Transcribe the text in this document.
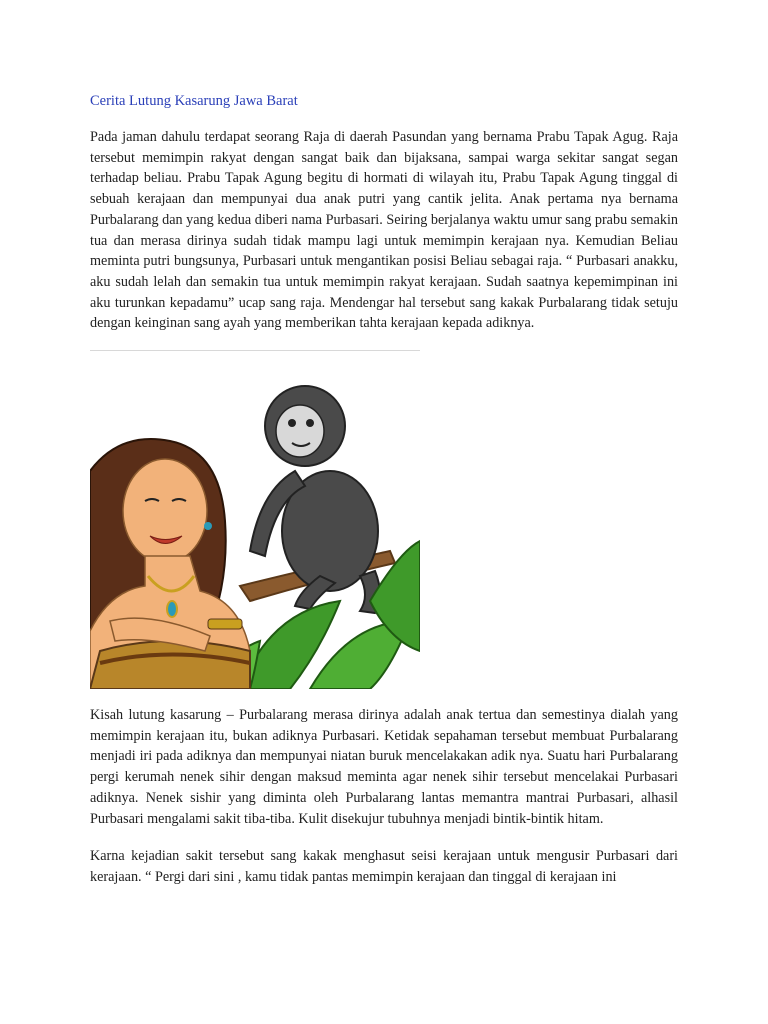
Cerita Lutung Kasarung Jawa Barat

Pada jaman dahulu terdapat seorang Raja di daerah Pasundan yang bernama Prabu Tapak Agug. Raja tersebut memimpin rakyat dengan sangat baik dan bijaksana, sampai warga sekitar sangat segan terhadap beliau. Prabu Tapak Agung begitu di hormati di wilayah itu, Prabu Tapak Agung tinggal di sebuah kerajaan dan mempunyai dua anak putri yang cantik jelita. Anak pertama nya bernama Purbalarang dan yang kedua diberi nama Purbasari. Seiring berjalanya waktu umur sang prabu semakin tua dan merasa dirinya sudah tidak mampu lagi untuk memimpin kerajaan nya. Kemudian Beliau meminta putri bungsunya, Purbasari untuk mengantikan posisi Beliau sebagai raja. “ Purbasari anakku, aku sudah lelah dan semakin tua untuk memimpin rakyat kerajaan. Sudah saatnya kepemimpinan ini aku turunkan kepadamu” ucap sang raja. Mendengar hal tersebut sang kakak Purbalarang tidak setuju dengan keinginan sang ayah yang memberikan tahta kerajaan kepada adiknya.

Kisah lutung kasarung – Purbalarang merasa dirinya adalah anak tertua dan semestinya dialah yang memimpin kerajaan itu, bukan adiknya Purbasari. Ketidak sepahaman tersebut membuat Purbalarang menjadi iri pada adiknya dan mempunyai niatan buruk mencelakakan adik nya. Suatu hari Purbalarang pergi kerumah nenek sihir dengan maksud meminta agar nenek sihir tersebut mencelakai Purbasari adiknya. Nenek sishir yang diminta oleh Purbalarang lantas memantra mantrai Purbasari, alhasil Purbasari mengalami sakit tiba-tiba. Kulit disekujur tubuhnya menjadi bintik-bintik hitam.

Karna kejadian sakit tersebut sang kakak menghasut seisi kerajaan untuk mengusir Purbasari dari kerajaan. “ Pergi dari sini , kamu tidak pantas memimpin kerajaan dan tinggal di kerajaan ini
